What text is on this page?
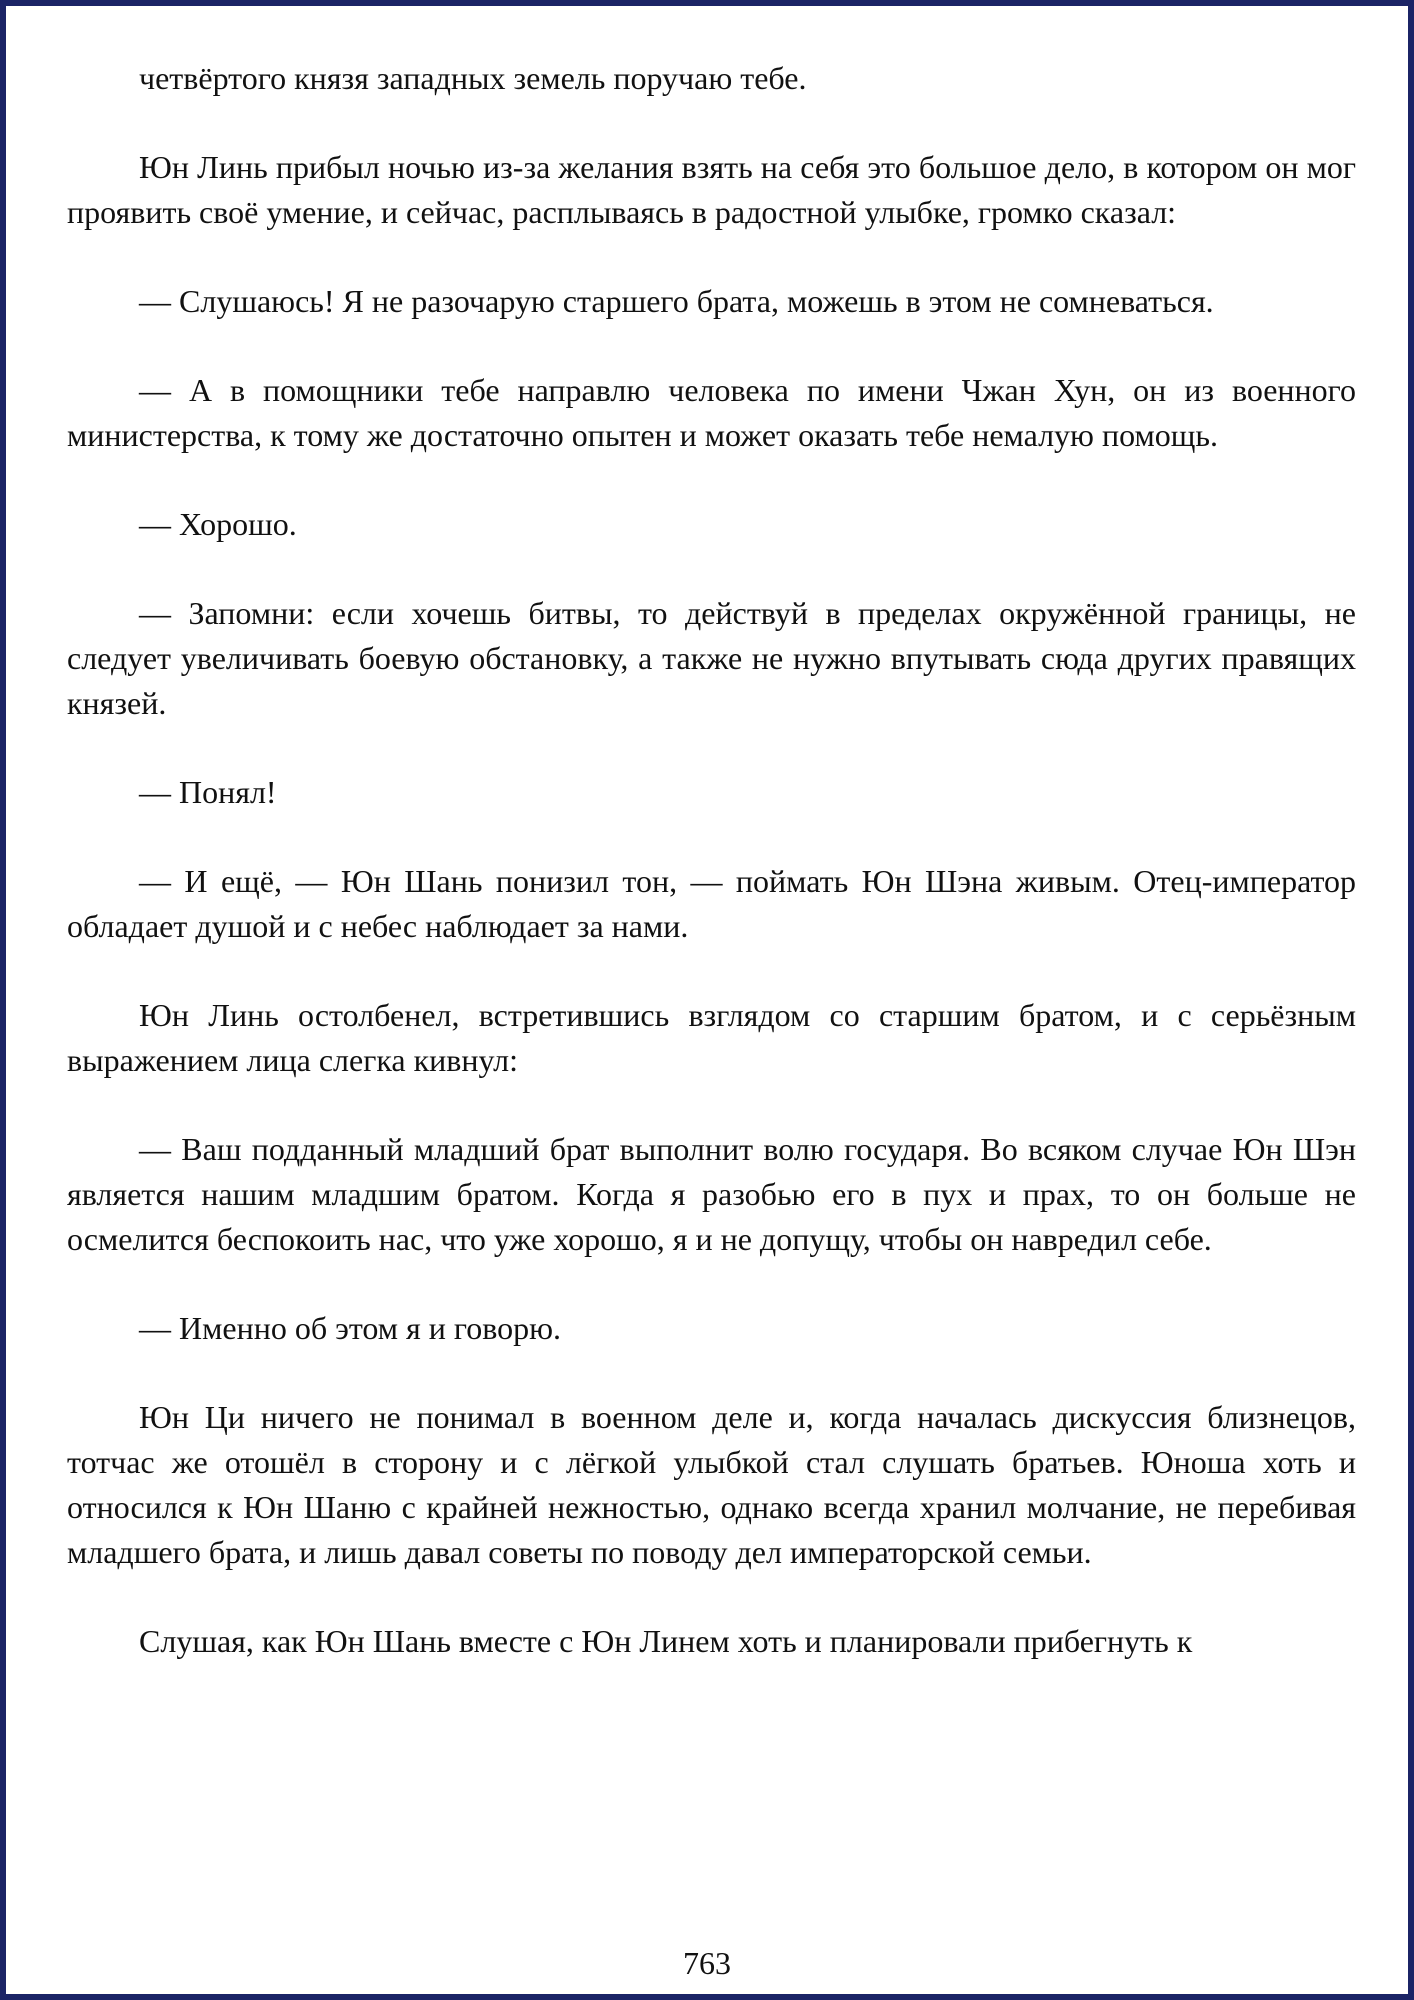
четвёртого князя западных земель поручаю тебе.

Юн Линь прибыл ночью из-за желания взять на себя это большое дело, в котором он мог проявить своё умение, и сейчас, расплываясь в радостной улыбке, громко сказал:

— Слушаюсь! Я не разочарую старшего брата, можешь в этом не сомневаться.

— А в помощники тебе направлю человека по имени Чжан Хун, он из военного министерства, к тому же достаточно опытен и может оказать тебе немалую помощь.

— Хорошо.

— Запомни: если хочешь битвы, то действуй в пределах окружённой границы, не следует увеличивать боевую обстановку, а также не нужно впутывать сюда других правящих князей.

— Понял!

— И ещё, — Юн Шань понизил тон, — поймать Юн Шэна живым. Отец-император обладает душой и с небес наблюдает за нами.

Юн Линь остолбенел, встретившись взглядом со старшим братом, и с серьёзным выражением лица слегка кивнул:

— Ваш подданный младший брат выполнит волю государя. Во всяком случае Юн Шэн является нашим младшим братом. Когда я разобью его в пух и прах, то он больше не осмелится беспокоить нас, что уже хорошо, я и не допущу, чтобы он навредил себе.

— Именно об этом я и говорю.

Юн Ци ничего не понимал в военном деле и, когда началась дискуссия близнецов, тотчас же отошёл в сторону и с лёгкой улыбкой стал слушать братьев. Юноша хоть и относился к Юн Шаню с крайней нежностью, однако всегда хранил молчание, не перебивая младшего брата, и лишь давал советы по поводу дел императорской семьи.

Слушая, как Юн Шань вместе с Юн Линем хоть и планировали прибегнуть к

763
